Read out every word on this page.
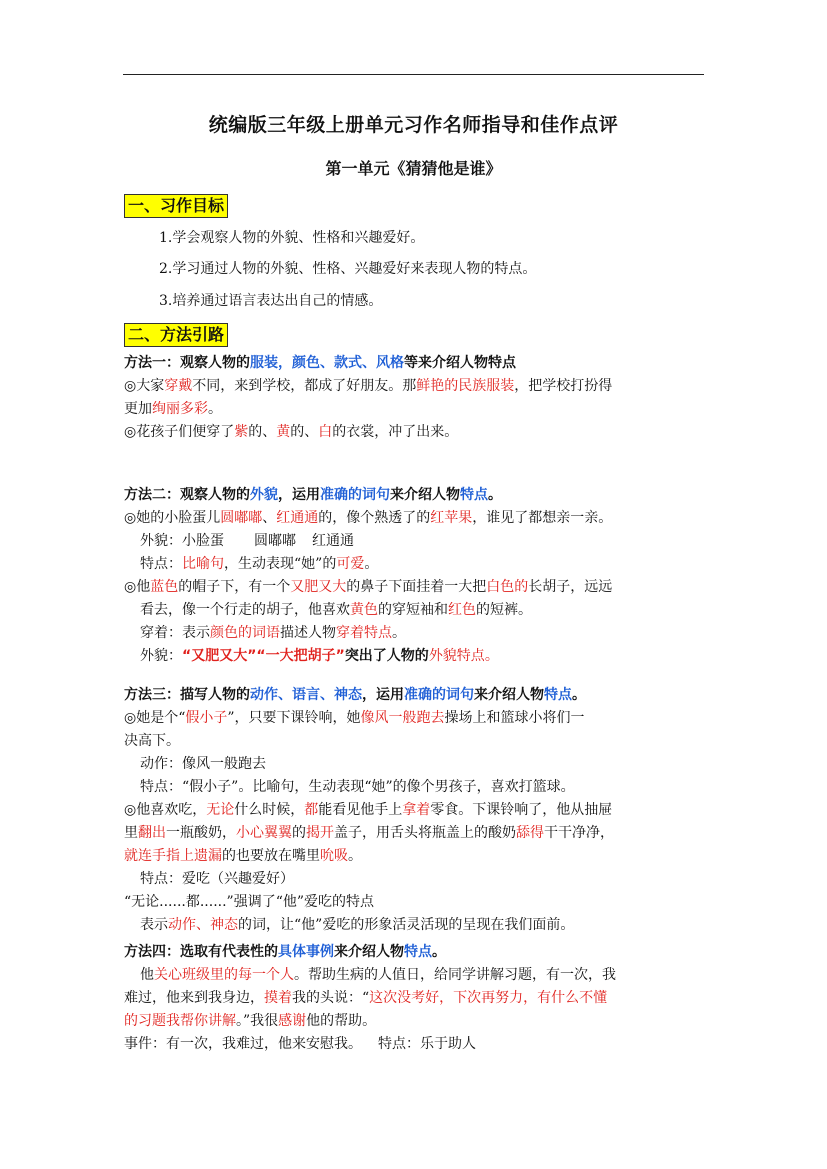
统编版三年级上册单元习作名师指导和佳作点评
第一单元《猜猜他是谁》
一、习作目标
1.学会观察人物的外貌、性格和兴趣爱好。
2.学习通过人物的外貌、性格、兴趣爱好来表现人物的特点。
3.培养通过语言表达出自己的情感。
二、方法引路

方法一：观察人物的服装，颜色、款式、风格等来介绍人物特点

◎大家穿戴不同，来到学校，都成了好朋友。那鲜艳的民族服装，把学校打扮得

更加绚丽多彩。

◎花孩子们便穿了紫的、黄的、白的衣裳，冲了出来。

方法二：观察人物的外貌，运用准确的词句来介绍人物特点。

◎她的小脸蛋儿圆嘟嘟、红通通的，像个熟透了的红苹果，谁见了都想亲一亲。

外貌：小脸蛋 圆嘟嘟 红通通

特点：比喻句，生动表现“她”的可爱。

◎他蓝色的帽子下，有一个又肥又大的鼻子下面挂着一大把白色的长胡子，远远

看去，像一个行走的胡子，他喜欢黄色的穿短袖和红色的短裤。

穿着：表示颜色的词语描述人物穿着特点。

外貌：“又肥又大”“一大把胡子”突出了人物的外貌特点。

方法三：描写人物的动作、语言、神态，运用准确的词句来介绍人物特点。

◎她是个“假小子”，只要下课铃响，她像风一般跑去操场上和篮球小将们一

决高下。

动作：像风一般跑去

特点：“假小子”。比喻句，生动表现“她”的像个男孩子，喜欢打篮球。

◎他喜欢吃，无论什么时候，都能看见他手上拿着零食。下课铃响了，他从抽屉

里翻出一瓶酸奶，小心翼翼的揭开盖子，用舌头将瓶盖上的酸奶舔得干干净净，

就连手指上遗漏的也要放在嘴里吮吸。

特点：爱吃（兴趣爱好）

“无论......都......”强调了“他”爱吃的特点

表示动作、神态的词，让“他”爱吃的形象活灵活现的呈现在我们面前。

方法四：选取有代表性的具体事例来介绍人物特点。

他关心班级里的每一个人。帮助生病的人值日，给同学讲解习题，有一次，我

难过，他来到我身边，摸着我的头说：“这次没考好，下次再努力，有什么不懂

的习题我帮你讲解。”我很感谢他的帮助。

事件：有一次，我难过，他来安慰我。 特点：乐于助人
